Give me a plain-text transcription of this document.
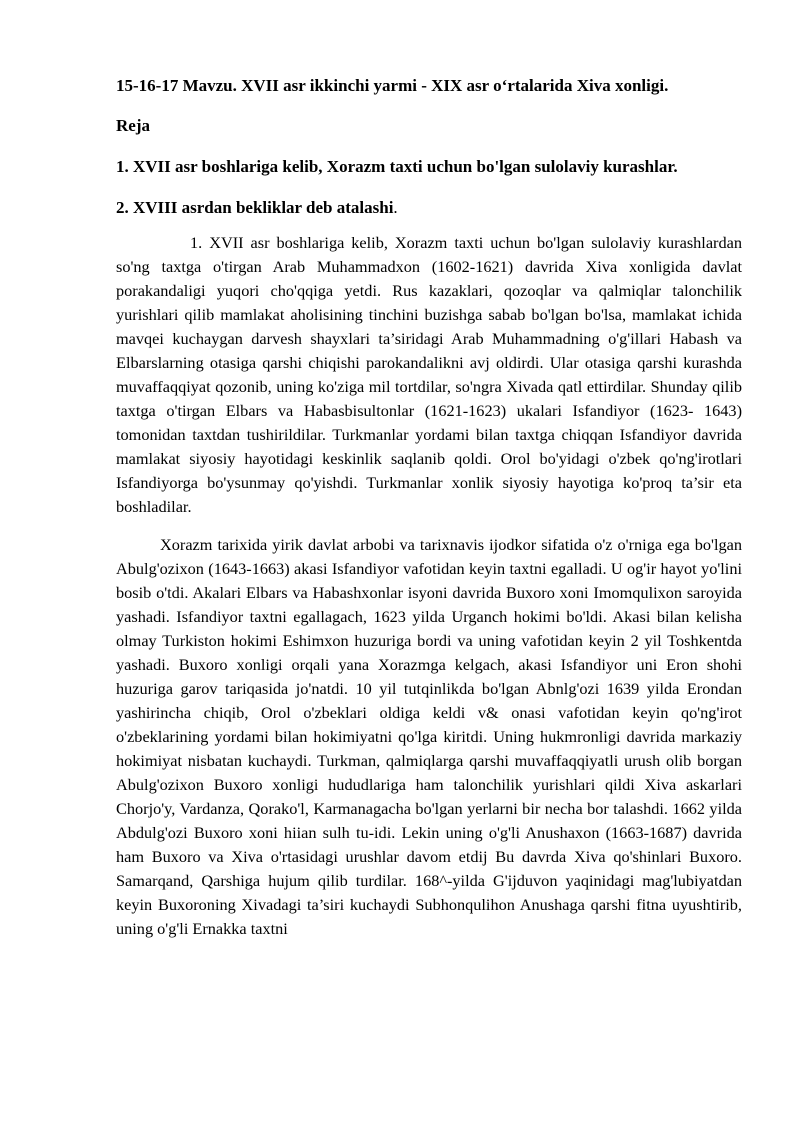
15-16-17 Mavzu. XVII asr ikkinchi yarmi - XIX asr oʻrtalarida Xiva xonligi.

Reja

1. XVII asr boshlariga kelib, Xorazm taxti uchun bo'lgan sulolaviy kurashlar.

2. XVIII asrdan bekliklar deb atalashi.

1. XVII asr boshlariga kelib, Xorazm taxti uchun bo'lgan sulolaviy kurashlardan so'ng taxtga o'tirgan Arab Muhammadxon (1602-1621) davrida Xiva xonligida davlat porakandaligi yuqori cho'qqiga yetdi. Rus kazaklari, qozoqlar va qalmiqlar talonchilik yurishlari qilib mamlakat aholisining tinchini buzishga sabab bo'lgan bo'lsa, mamlakat ichida mavqei kuchaygan darvesh shayxlari ta’siridagi Arab Muhammadning o'g'illari Habash va Elbarslarning otasiga qarshi chiqishi parokandalikni avj oldirdi. Ular otasiga qarshi kurashda muvaffaqqiyat qozonib, uning ko'ziga mil tortdilar, so'ngra Xivada qatl ettirdilar. Shunday qilib taxtga o'tirgan Elbars va Habasbisultonlar (1621-1623) ukalari Isfandiyor (1623- 1643) tomonidan taxtdan tushirildilar. Turkmanlar yordami bilan taxtga chiqqan Isfandiyor davrida mamlakat siyosiy hayotidagi keskinlik saqlanib qoldi. Orol bo'yidagi o'zbek qo'ng'irotlari Isfandiyorga bo'ysunmay qo'yishdi. Turkmanlar xonlik siyosiy hayotiga ko'proq ta’sir eta boshladilar.

Xorazm tarixida yirik davlat arbobi va tarixnavis ijodkor sifatida o'z o'rniga ega bo'lgan Abulg'ozixon (1643-1663) akasi Isfandiyor vafotidan keyin taxtni egalladi. U og'ir hayot yo'lini bosib o'tdi. Akalari Elbars va Habashxonlar isyoni davrida Buxoro xoni Imomqulixon saroyida yashadi. Isfandiyor taxtni egallagach, 1623 yilda Urganch hokimi bo'ldi. Akasi bilan kelisha olmay Turkiston hokimi Eshimxon huzuriga bordi va uning vafotidan keyin 2 yil Toshkentda yashadi. Buxoro xonligi orqali yana Xorazmga kelgach, akasi Isfandiyor uni Eron shohi huzuriga garov tariqasida jo'natdi. 10 yil tutqinlikda bo'lgan Abnlg'ozi 1639 yilda Erondan yashirincha chiqib, Orol o'zbeklari oldiga keldi v& onasi vafotidan keyin qo'ng'irot o'zbeklarining yordami bilan hokimiyatni qo'lga kiritdi. Uning hukmronligi davrida markaziy hokimiyat nisbatan kuchaydi. Turkman, qalmiqlarga qarshi muvaffaqqiyatli urush olib borgan Abulg'ozixon Buxoro xonligi hududlariga ham talonchilik yurishlari qildi Xiva askarlari Chorjo'y, Vardanza, Qorako'l, Karmanagacha bo'lgan yerlarni bir necha bor talashdi. 1662 yilda Abdulg'ozi Buxoro xoni hiian sulh tu-idi. Lekin uning o'g'li Anushaxon (1663-1687) davrida ham Buxoro va Xiva o'rtasidagi urushlar davom etdij Bu davrda Xiva qo'shinlari Buxoro. Samarqand, Qarshiga hujum qilib turdilar. 168^-yilda G'ijduvon yaqinidagi mag'lubiyatdan keyin Buxoroning Xivadagi ta’siri kuchaydi Subhonqulihon Anushaga qarshi fitna uyushtirib, uning o'g'li Ernakka taxtni
